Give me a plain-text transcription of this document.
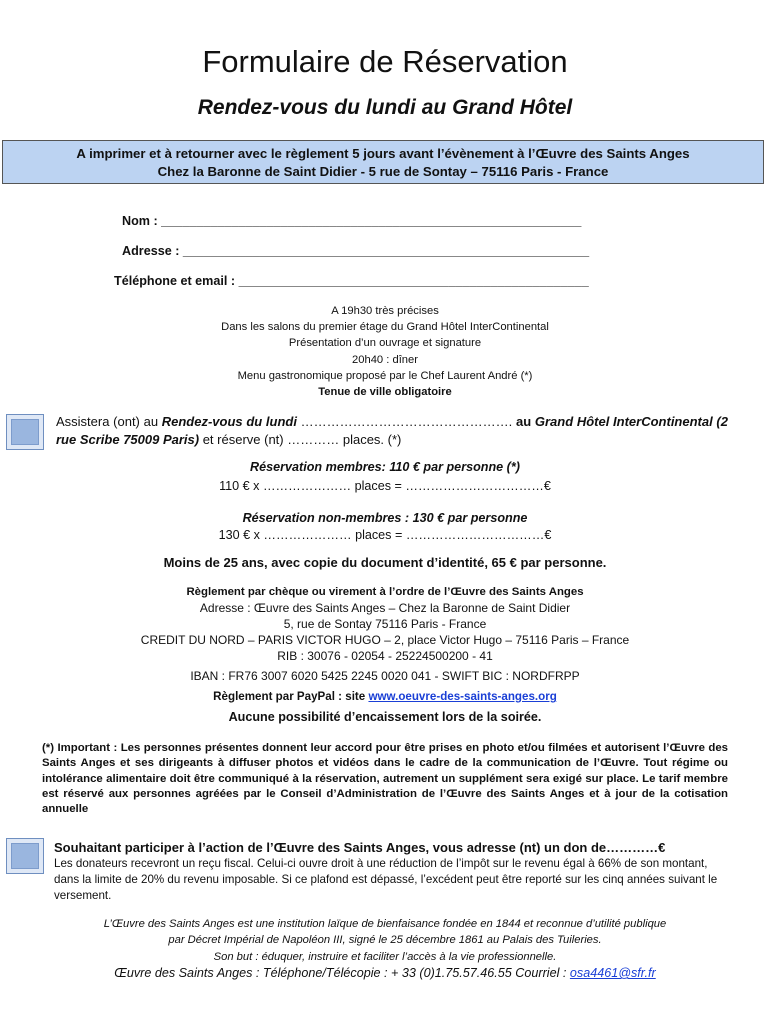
Formulaire de Réservation
Rendez-vous du lundi au Grand Hôtel
A imprimer et à retourner avec le règlement 5 jours avant l’évènement à l’Œuvre des Saints Anges
Chez la Baronne de Saint Didier - 5 rue de Sontay – 75116 Paris - France
Nom : ____________________________________________________________
Adresse : __________________________________________________________
Téléphone et email : __________________________________________________
A 19h30 très précises
Dans les salons du premier étage du Grand Hôtel InterContinental
Présentation d’un ouvrage et signature
20h40 : dîner
Menu gastronomique proposé par le Chef Laurent André (*)
Tenue de ville obligatoire
Assistera (ont) au Rendez-vous du lundi …………………………………………. au Grand Hôtel InterContinental (2 rue Scribe 75009 Paris) et réserve (nt) ………… places. (*)
Réservation membres: 110 € par personne (*)
110 € x ………………… places = ……………………………€
Réservation non-membres : 130 € par personne
130 € x ………………… places = ……………………………€
Moins de 25 ans, avec copie du document d’identité, 65 € par personne.
Règlement par chèque ou virement à l’ordre de l’Œuvre des Saints Anges
Adresse : Œuvre des Saints Anges – Chez la Baronne de Saint Didier
5, rue de Sontay 75116 Paris - France
CREDIT DU NORD – PARIS VICTOR HUGO – 2, place Victor Hugo – 75116 Paris – France
RIB : 30076 - 02054 - 25224500200 - 41
IBAN : FR76 3007 6020 5425 2245 0020 041 - SWIFT BIC : NORDFRPP
Règlement par PayPal : site www.oeuvre-des-saints-anges.org
Aucune possibilité d’encaissement lors de la soirée.
(*) Important : Les personnes présentes donnent leur accord pour être prises en photo et/ou filmées et autorisent l’Œuvre des Saints Anges et ses dirigeants à diffuser photos et vidéos dans le cadre de la communication de l’Œuvre. Tout régime ou intolérance alimentaire doit être communiqué à la réservation, autrement un supplément sera exigé sur place. Le tarif membre est réservé aux personnes agréées par le Conseil d’Administration de l’Œuvre des Saints Anges et à jour de la cotisation annuelle
Souhaitant participer à l’action de l’Œuvre des Saints Anges, vous adresse (nt) un don de…………€
Les donateurs recevront un reçu fiscal. Celui-ci ouvre droit à une réduction de l’impôt sur le revenu égal à 66% de son montant, dans la limite de 20% du revenu imposable. Si ce plafond est dépassé, l’excédent peut être reporté sur les cinq années suivant le versement.
L’Œuvre des Saints Anges est une institution laïque de bienfaisance fondée en 1844 et reconnue d’utilité publique
par Décret Impérial de Napoléon III, signé le 25 décembre 1861 au Palais des Tuileries.
Son but : éduquer, instruire et faciliter l’accès à la vie professionnelle.
Œuvre des Saints Anges : Téléphone/Télécopie : + 33 (0)1.75.57.46.55 Courriel : osa4461@sfr.fr
